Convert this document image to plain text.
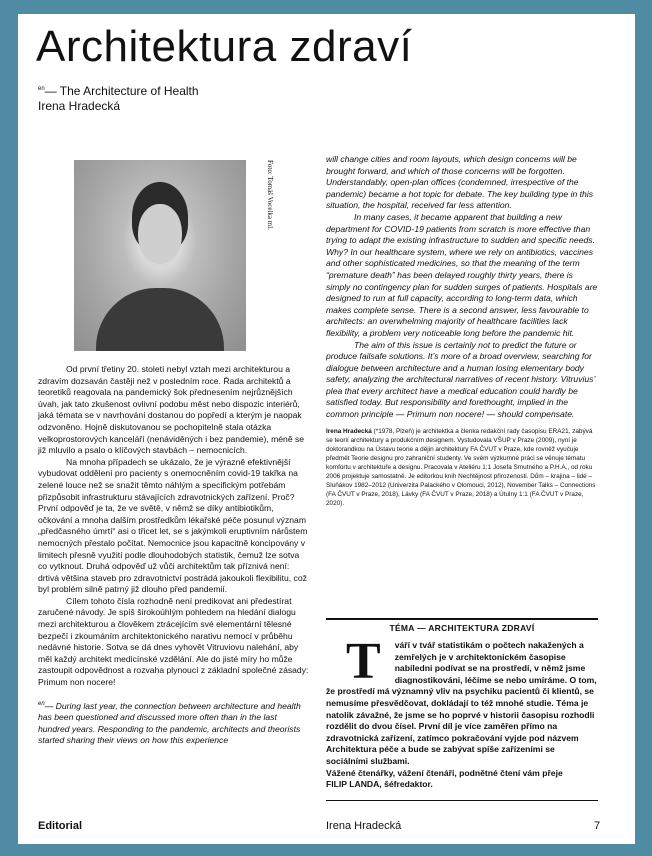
Architektura zdraví
$^{en}$— The Architecture of Health
Irena Hradecká
Foto: Tomáš Vocelka ml.

Od první třetiny 20. století nebyl vztah mezi architekturou a zdravím dozsaván častěji než v posledním roce. Řada architektů a teoretiků reagovala na pandemický šok přednesením nejrůznějších úvah, jak tato zkušenost ovlivní podobu měst nebo dispozic interiérů, jaká témata se v navrhování dostanou do popředí a kterým je naopak odzvoněno. Hojně diskutovanou se pochopitelně stala otázka velkoprostorových kanceláří (nenáviděných i bez pandemie), méně se již mluvilo a psalo o klíčových stavbách – nemocnicích.

Na mnoha případech se ukázalo, že je výrazně efektivnější vybudovat oddělení pro pacienty s onemocněním covid-19 takřka na zelené louce než se snažit těmto náhlým a specifickým potřebám přizpůsobit infrastrukturu stávajících zdravotnických zařízení. Proč? První odpověď je ta, že ve světě, v němž se díky antibiotikům, očkování a mnoha dalším prostředkům lékařské péče posunul význam „předčasného úmrtí“ asi o třicet let, se s jakýmkoli eruptivním nárůstem nemocných přestalo počítat. Nemocnice jsou kapacitně koncipovány v limitech přesně využití podle dlouhodobých statistik, čemuž lze sotva co vytknout. Druhá odpověď už vůči architektům tak příznivá není: drtivá většina staveb pro zdravotnictví postrádá jakoukoli flexibilitu, což byl problém silně patrný již dlouho před pandemií.

Cílem tohoto čísla rozhodně není predikovat ani předestírat zaručené návody. Je spíš širokoúhlým pohledem na hledání dialogu mezi architekturou a člověkem ztrácejícím své elementární tělesné bezpečí i zkoumáním architektonického narativu nemocí v průběhu nedávné historie. Sotva se dá dnes vyhovět Vitruviovu nalehání, aby měl každý architekt medicínské vzdělání. Ale do jisté míry ho může zastoupit odpovědnost a rozvaha plynoucí z základní společné zásady: Primum non nocere!

$^{en}$— During last year, the connection between architecture and health has been questioned and discussed more often than in the last hundred years. Responding to the pandemic, architects and theorists started sharing their views on how this experience

will change cities and room layouts, which design concerns will be brought forward, and which of those concerns will be forgotten. Understandably, open-plan offices (condemned, irrespective of the pandemic) became a hot topic for debate. The key building type in this situation, the hospital, received far less attention.

In many cases, it became apparent that building a new department for COVID-19 patients from scratch is more effective than trying to adapt the existing infrastructure to sudden and specific needs. Why? In our healthcare system, where we rely on antibiotics, vaccines and other sophisticated medicines, so that the meaning of the term “premature death” has been delayed roughly thirty years, there is simply no contingency plan for sudden surges of patients. Hospitals are designed to run at full capacity, according to long-term data, which makes complete sense. There is a second answer, less favourable to architects: an overwhelming majority of healthcare facilities lack flexibility, a problem very noticeable long before the pandemic hit.

The aim of this issue is certainly not to predict the future or produce failsafe solutions. It’s more of a broad overview, searching for dialogue between architecture and a human losing elementary body safety, analyzing the architectural narratives of recent history. Vitruvius’ plea that every architect have a medical education could hardly be satisfied today. But responsibility and forethought, implied in the common principle — Primum non nocere! — should compensate.

Irena Hradecká (*1978, Plzeň) je architektka a členka redakční rady časopisu ERA21, zabývá se teorií architektury a produkčním designem. Vystudovala VŠUP v Praze (2009), nyní je doktorandkou na Ústavu teorie a dějin architektury FA ČVUT v Praze, kde rovněž vyučuje předmět Teorie designu pro zahraniční studenty. Ve svém výzkumné práci se věnuje tématu komfortu v architektuře a designu. Pracovala v Ateliéru 1:1 Josefa Smutného a P.H.A., od roku 2006 projektuje samostatně. Je editorkou knih Nechtějnost přirozenosti. Dům – krajina – lidé – Sluňákov 1982–2012 (Univerzita Palackého v Olomouci, 2012), November Talks – Connections (FA ČVUT v Praze, 2018), Lávky (FA ČVUT v Praze, 2018) a Útulny 1:1 (FA ČVUT v Praze, 2020).

TÉMA — ARCHITEKTURA ZDRAVÍ
T váří v tvář statistikám o počtech nakažených a zemřelých je v architektonickém časopise nabíledni podívat se na prostředí, v němž jsme diagnostikováni, léčíme se nebo umíráme. O tom, že prostředí má významný vliv na psychiku pacientů či klientů, se nemusíme přesvědčovat, dokládají to též mnohé studie. Téma je natolik závažné, že jsme se ho poprvé v historii časopisu rozhodli rozdělit do dvou čísel. První díl je více zaměřen přímo na zdravotnická zařízení, zatímco pokračování vyjde pod názvem Architektura péče a bude se zabývat spíše zařízeními se sociálními službami.
Vážené čtenářky, vážení čtenáři, podnětné čtení vám přeje
FILIP LANDA, šéfredaktor.
Editorial	Irena Hradecká	7
